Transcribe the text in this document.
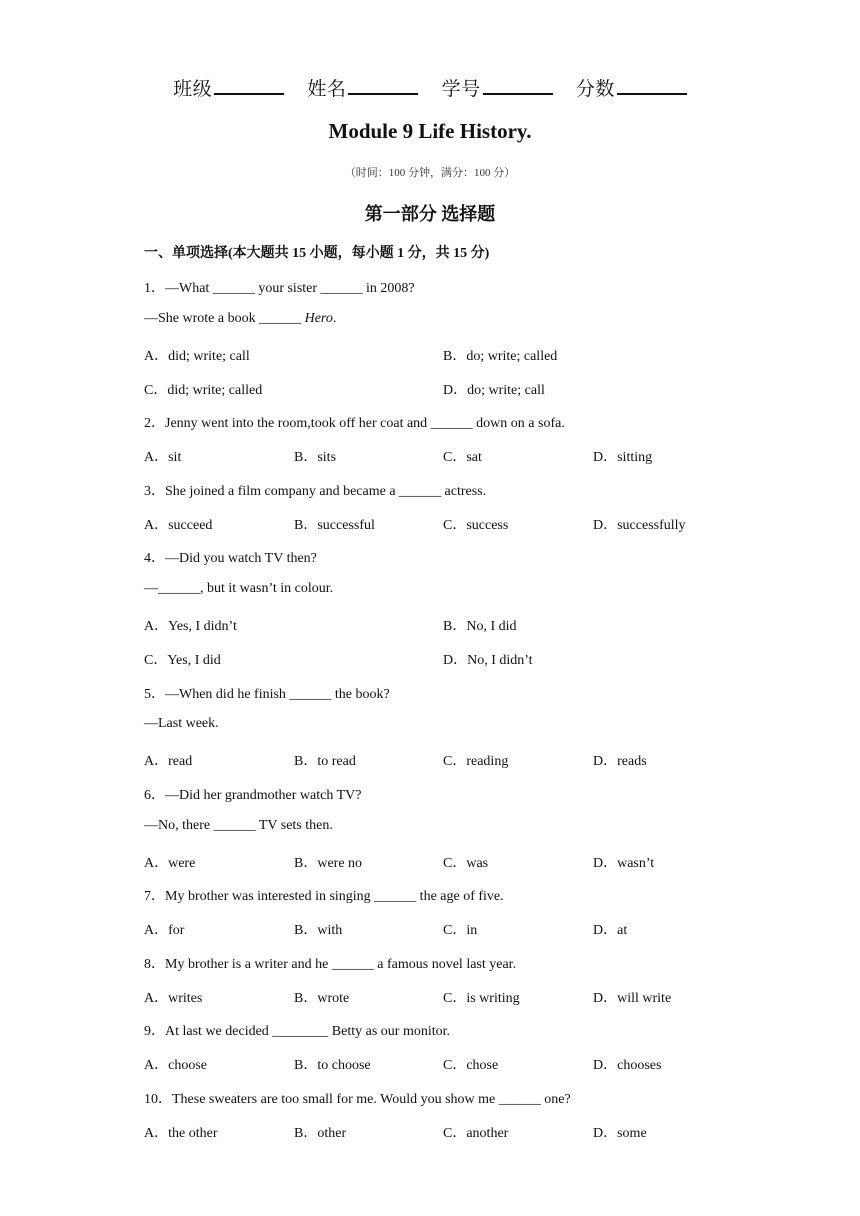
班级	姓名	学号	分数
Module 9 Life History.
（时间：100 分钟，满分：100 分）
第一部分 选择题
一、单项选择(本大题共 15 小题，每小题 1 分，共 15 分)
1．—What ______ your sister ______ in 2008?
—She wrote a book ______ Hero.
A．did; write; call	B．do; write; called
C．did; write; called	D．do; write; call
2．Jenny went into the room,took off her coat and ______ down on a sofa.
A．sit	B．sits	C．sat	D．sitting
3．She joined a film company and became a ______ actress.
A．succeed	B．successful	C．success	D．successfully
4．—Did you watch TV then?
—______, but it wasn’t in colour.
A．Yes, I didn’t	B．No, I did
C．Yes, I did	D．No, I didn’t
5．—When did he finish ______ the book?
—Last week.
A．read	B．to read	C．reading	D．reads
6．—Did her grandmother watch TV?
—No, there ______ TV sets then.
A．were	B．were no	C．was	D．wasn’t
7．My brother was interested in singing ______ the age of five.
A．for	B．with	C．in	D．at
8．My brother is a writer and he ______ a famous novel last year.
A．writes	B．wrote	C．is writing	D．will write
9．At last we decided ________ Betty as our monitor.
A．choose	B．to choose	C．chose	D．chooses
10．These sweaters are too small for me. Would you show me ______ one?
A．the other	B．other	C．another	D．some
